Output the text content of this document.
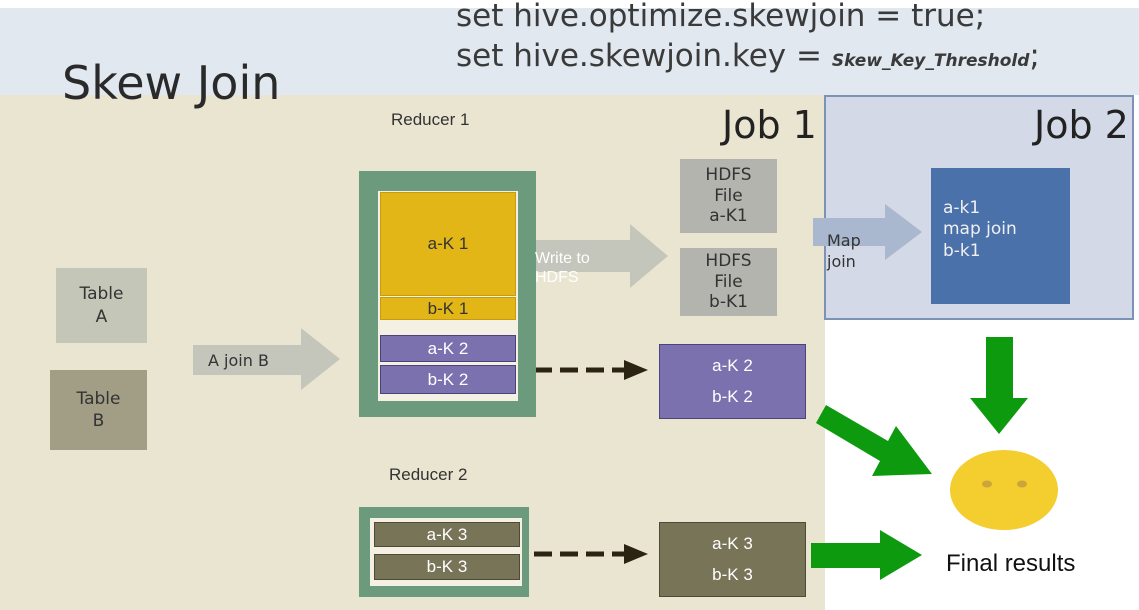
set hive.optimize.skewjoin = true;
set hive.skewjoin.key = Skew_Key_Threshold;
Skew Join
Job 1	Job 2
A join B
Table
A
Table
B
Reducer 1
a-K 1
b-K 1
a-K 2
b-K 2
Write to
HDFS
HDFS
File
a-K1
HDFS
File
b-K1
Map
join
a-k1
map join
b-k1
a-K 2
b-K 2
Reducer 2
a-K 3
b-K 3
a-K 3
b-K 3	Final results
